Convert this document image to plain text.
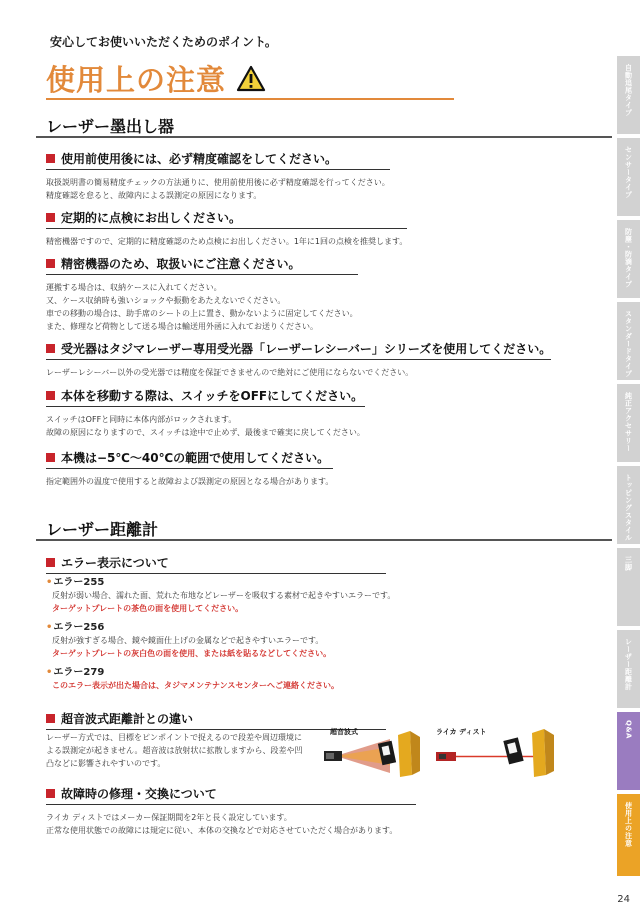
安心してお使いいただくためのポイント。
使用上の注意
レーザー墨出し器
使用前使用後には、必ず精度確認をしてください。
取扱説明書の簡易精度チェックの方法通りに、使用前使用後に必ず精度確認を行ってください。
精度確認を怠ると、故障内による誤測定の原因になります。
定期的に点検にお出しください。
精密機器ですので、定期的に精度確認のため点検にお出しください。1年に1回の点検を推奨します。
精密機器のため、取扱いにご注意ください。
運搬する場合は、収納ケースに入れてください。
又、ケース収納時も強いショックや振動をあたえないでください。
車での移動の場合は、助手席のシートの上に置き、動かないように固定してください。
また、修理など荷物として送る場合は輸送用外函に入れてお送りください。
受光器はタジマレーザー専用受光器「レーザーレシーバー」シリーズを使用してください。
レーザーレシーバー以外の受光器では精度を保証できませんので絶対にご使用にならないでください。
本体を移動する際は、スイッチをOFFにしてください。
スイッチはOFFと同時に本体内部がロックされます。
故障の原因になりますので、スイッチは途中で止めず、最後まで確実に戻してください。
本機は−5℃〜40℃の範囲で使用してください。
指定範囲外の温度で使用すると故障および誤測定の原因となる場合があります。
レーザー距離計
エラー表示について
•エラー255
反射が弱い場合、濡れた面、荒れた布地などレーザーを吸収する素材で起きやすいエラーです。
ターゲットプレートの茶色の面を使用してください。
•エラー256
反射が強すぎる場合、鏡や鏡面仕上げの金属などで起きやすいエラーです。
ターゲットプレートの灰白色の面を使用、または紙を貼るなどしてください。
•エラー279
このエラー表示が出た場合は、タジマメンテナンスセンターへご連絡ください。
超音波式距離計との違い
レーザー方式では、目標をピンポイントで捉えるので段差や周辺環境に
よる誤測定が起きません。超音波は放射状に拡散しますから、段差や凹
凸などに影響されやすいのです。
超音波式	ライカ ディスト
故障時の修理・交換について
ライカ ディストではメーカー保証期間を2年と長く設定しています。
正常な使用状態での故障には規定に従い、本体の交換などで対応させていただく場合があります。
自動追尾タイプ
センサータイプ
防塵・防滴タイプ
スタンダードタイプ
純正アクセサリー
トッピングスタイル
三脚
レーザー距離計
Q&A
使用上の注意
24
